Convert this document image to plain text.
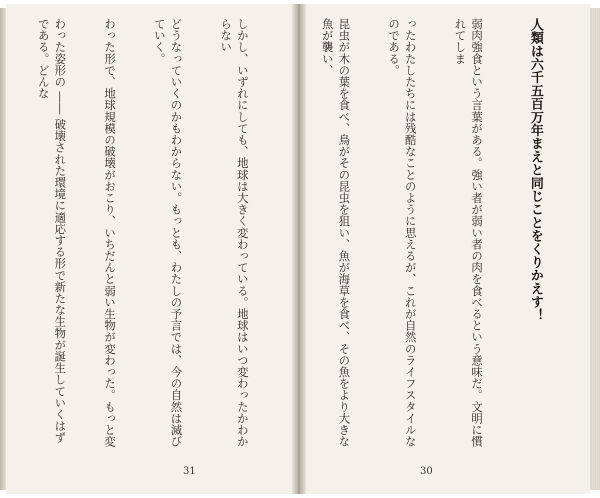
人類は六千五百万年まえと同じことをくりかえす！

弱肉強食という言葉がある。強い者が弱い者の肉を食べるという意味だ。文明に慣れてしま

ったわたしたちには残酷なことのように思えるが、これが自然のライフスタイルなのである。

昆虫が木の葉を食べ、鳥がその昆虫を狙い、魚が海草を食べ、その魚をより大きな魚が襲い、

しかし、いずれにしても、地球は大きく変わっている。地球はいつ変わったかわからない

どうなっていくのかもわからない。もっとも、わたしの予言では、今の自然は滅びていく。

わった形で、地球規模の破壊がおこり、いちだんと弱い生物が変わった。もっと変

わった姿形の ―― 破壊された環境に適応する形で新たな生物が誕生していくはずである。どんな

31	30
